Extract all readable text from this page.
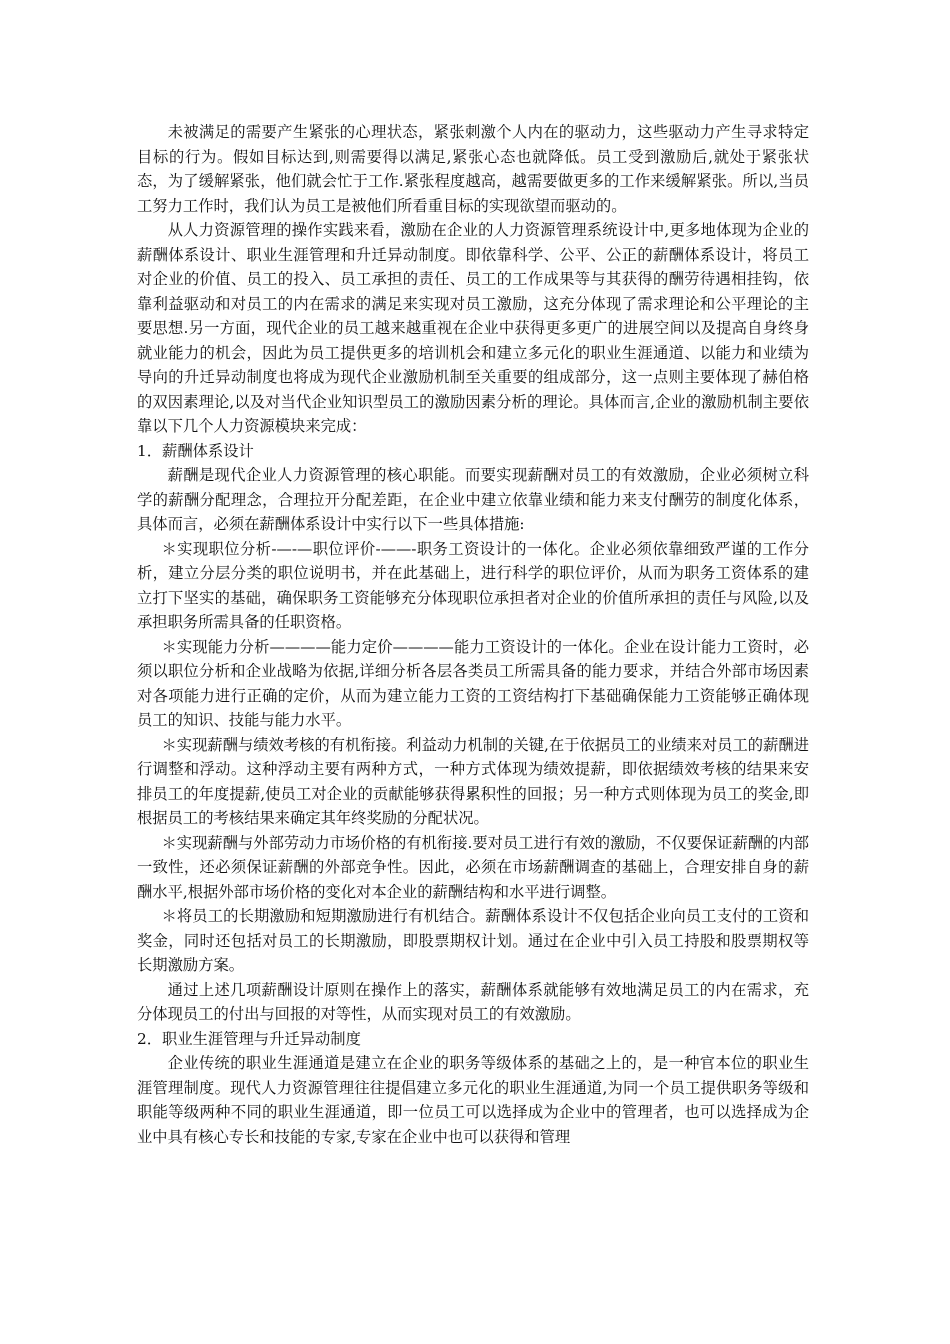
未被满足的需要产生紧张的心理状态，紧张刺激个人内在的驱动力，这些驱动力产生寻求特定目标的行为。假如目标达到,则需要得以满足,紧张心态也就降低。员工受到激励后,就处于紧张状态，为了缓解紧张，他们就会忙于工作.紧张程度越高，越需要做更多的工作来缓解紧张。所以,当员工努力工作时，我们认为员工是被他们所看重目标的实现欲望而驱动的。

从人力资源管理的操作实践来看，激励在企业的人力资源管理系统设计中,更多地体现为企业的薪酬体系设计、职业生涯管理和升迁异动制度。即依靠科学、公平、公正的薪酬体系设计，将员工对企业的价值、员工的投入、员工承担的责任、员工的工作成果等与其获得的酬劳待遇相挂钩，依靠利益驱动和对员工的内在需求的满足来实现对员工激励，这充分体现了需求理论和公平理论的主要思想.另一方面，现代企业的员工越来越重视在企业中获得更多更广的进展空间以及提高自身终身就业能力的机会，因此为员工提供更多的培训机会和建立多元化的职业生涯通道、以能力和业绩为导向的升迁异动制度也将成为现代企业激励机制至关重要的组成部分，这一点则主要体现了赫伯格的双因素理论,以及对当代企业知识型员工的激励因素分析的理论。具体而言,企业的激励机制主要依靠以下几个人力资源模块来完成：

1．薪酬体系设计

薪酬是现代企业人力资源管理的核心职能。而要实现薪酬对员工的有效激励，企业必须树立科学的薪酬分配理念，合理拉开分配差距，在企业中建立依靠业绩和能力来支付酬劳的制度化体系，具体而言，必须在薪酬体系设计中实行以下一些具体措施:

＊实现职位分析-—-—职位评价-——-职务工资设计的一体化。企业必须依靠细致严谨的工作分析，建立分层分类的职位说明书，并在此基础上，进行科学的职位评价，从而为职务工资体系的建立打下坚实的基础，确保职务工资能够充分体现职位承担者对企业的价值所承担的责任与风险,以及承担职务所需具备的任职资格。

＊实现能力分析————能力定价————能力工资设计的一体化。企业在设计能力工资时，必须以职位分析和企业战略为依据,详细分析各层各类员工所需具备的能力要求，并结合外部市场因素对各项能力进行正确的定价，从而为建立能力工资的工资结构打下基础确保能力工资能够正确体现员工的知识、技能与能力水平。

＊实现薪酬与绩效考核的有机衔接。利益动力机制的关键,在于依据员工的业绩来对员工的薪酬进行调整和浮动。这种浮动主要有两种方式，一种方式体现为绩效提薪，即依据绩效考核的结果来安排员工的年度提薪,使员工对企业的贡献能够获得累积性的回报；另一种方式则体现为员工的奖金,即根据员工的考核结果来确定其年终奖励的分配状况。

＊实现薪酬与外部劳动力市场价格的有机衔接.要对员工进行有效的激励，不仅要保证薪酬的内部一致性，还必须保证薪酬的外部竞争性。因此，必须在市场薪酬调查的基础上，合理安排自身的薪酬水平,根据外部市场价格的变化对本企业的薪酬结构和水平进行调整。

＊将员工的长期激励和短期激励进行有机结合。薪酬体系设计不仅包括企业向员工支付的工资和奖金，同时还包括对员工的长期激励，即股票期权计划。通过在企业中引入员工持股和股票期权等长期激励方案。

通过上述几项薪酬设计原则在操作上的落实，薪酬体系就能够有效地满足员工的内在需求，充分体现员工的付出与回报的对等性，从而实现对员工的有效激励。

2．职业生涯管理与升迁异动制度

企业传统的职业生涯通道是建立在企业的职务等级体系的基础之上的，是一种官本位的职业生涯管理制度。现代人力资源管理往往提倡建立多元化的职业生涯通道,为同一个员工提供职务等级和职能等级两种不同的职业生涯通道，即一位员工可以选择成为企业中的管理者，也可以选择成为企业中具有核心专长和技能的专家,专家在企业中也可以获得和管理
